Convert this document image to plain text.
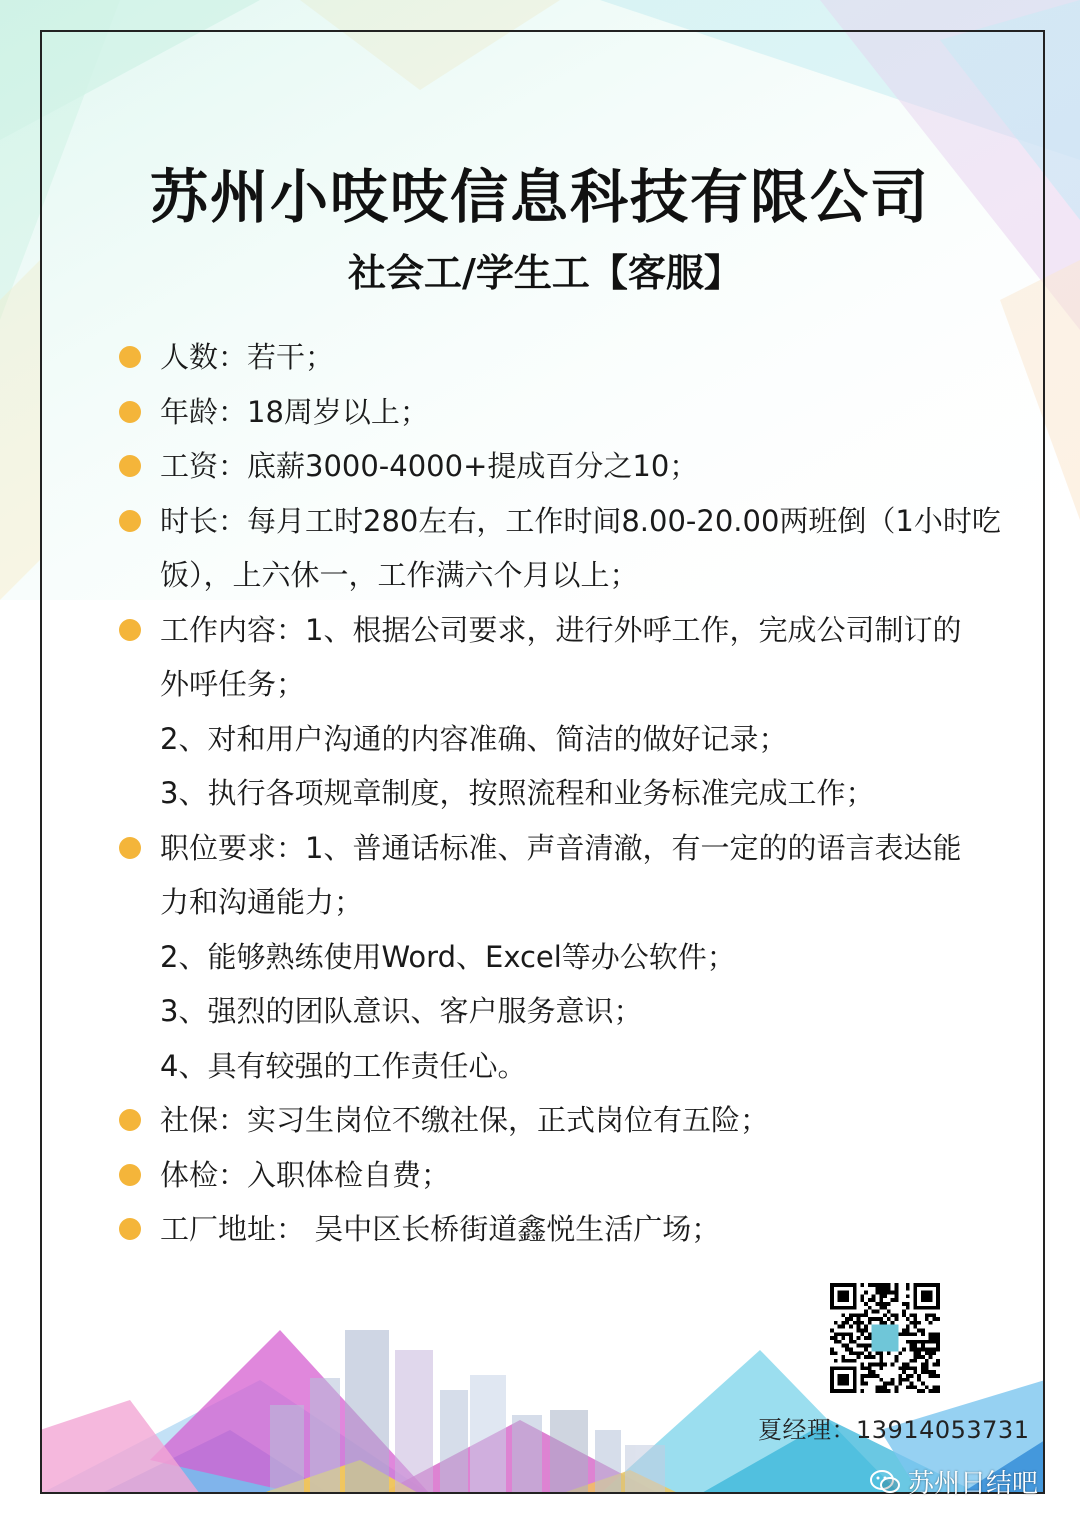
苏州小吱吱信息科技有限公司
社会工/学生工【客服】
人数：若干；
年龄：18周岁以上；
工资：底薪3000-4000+提成百分之10；
时长：每月工时280左右，工作时间8.00-20.00两班倒（1小时吃
饭），上六休一，工作满六个月以上；
工作内容：1、根据公司要求，进行外呼工作，完成公司制订的
外呼任务；
2、对和用户沟通的内容准确、简洁的做好记录；
3、执行各项规章制度，按照流程和业务标准完成工作；
职位要求：1、普通话标准、声音清澈，有一定的的语言表达能
力和沟通能力；
2、能够熟练使用Word、Excel等办公软件；
3、强烈的团队意识、客户服务意识；
4、具有较强的工作责任心。
社保：实习生岗位不缴社保，正式岗位有五险；
体检：入职体检自费；
工厂地址： 吴中区长桥街道鑫悦生活广场；
夏经理：13914053731
苏州日结吧
